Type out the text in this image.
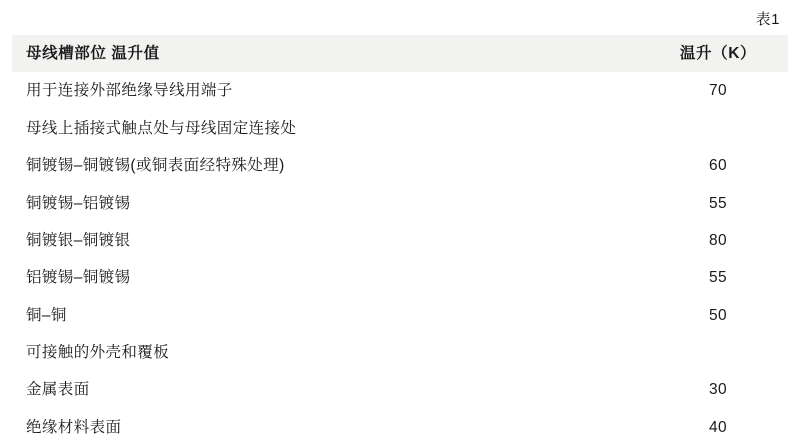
表1
母线槽部位 温升值	温升（K）
用于连接外部绝缘导线用端子	70
母线上插接式触点处与母线固定连接处	
铜镀锡–铜镀锡(或铜表面经特殊处理)	60
铜镀锡–铝镀锡	55
铜镀银–铜镀银	80
铝镀锡–铜镀锡	55
铜–铜	50
可接触的外壳和覆板	
金属表面	30
绝缘材料表面	40
